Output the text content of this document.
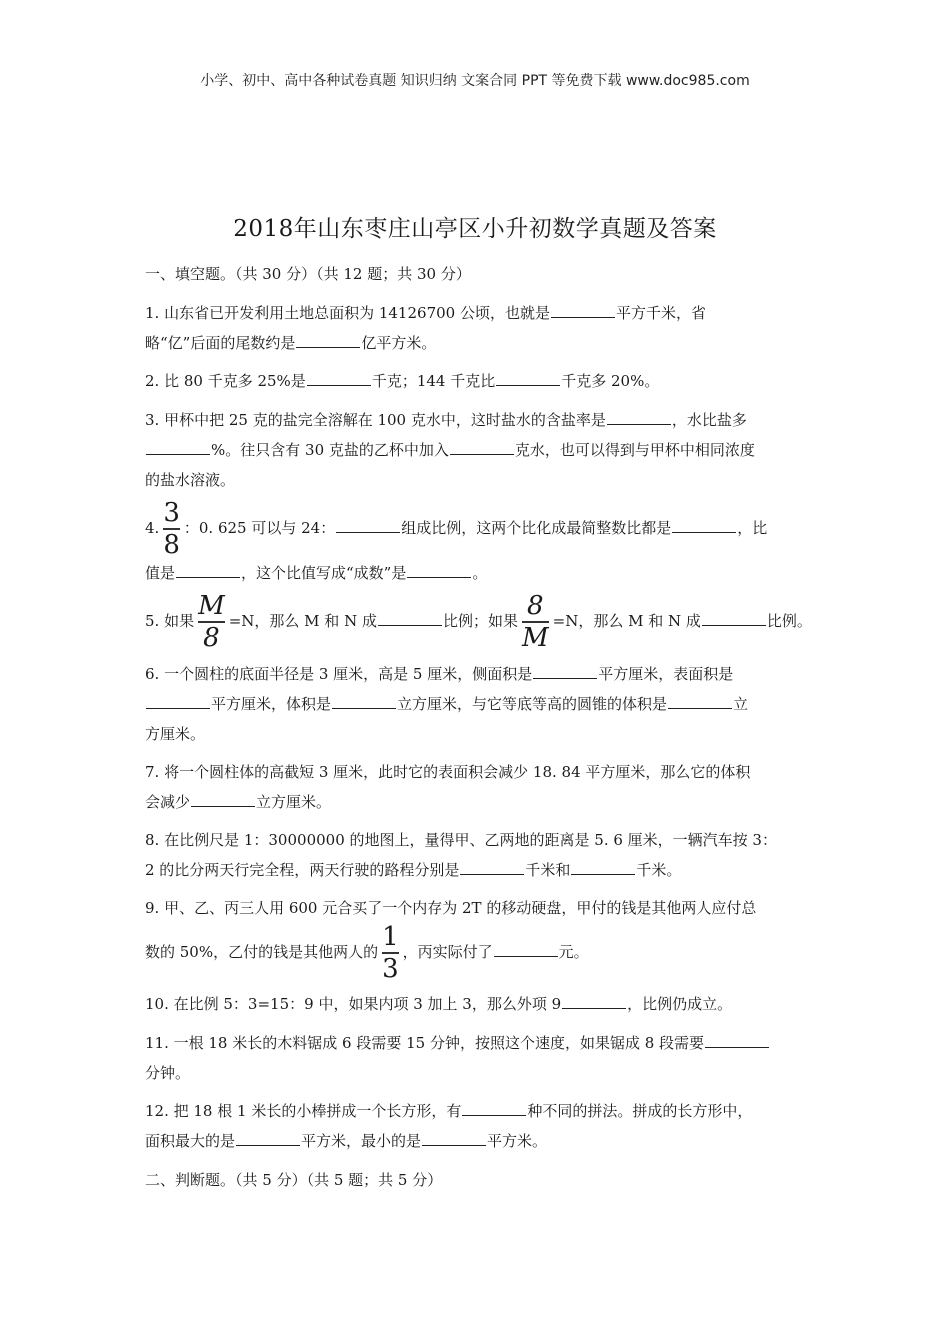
小学、初中、高中各种试卷真题 知识归纳 文案合同 PPT 等免费下载 www.doc985.com
2018年山东枣庄山亭区小升初数学真题及答案
一、填空题。（共 30 分）（共 12 题；共 30 分）
1. 山东省已开发利用土地总面积为 14126700 公顷，也就是	平方千米，省
略“亿”后面的尾数约是	亿平方米。
2. 比 80 千克多 25%是	千克；144 千克比	千克多 20%。
3. 甲杯中把 25 克的盐完全溶解在 100 克水中，这时盐水的含盐率是	，水比盐多
%。往只含有 30 克盐的乙杯中加入	克水，也可以得到与甲杯中相同浓度
的盐水溶液。
4. $\frac{3}{8}$ ：0. 625 可以与 24：	组成比例，这两个比化成最简整数比都是	，比
值是	，这个比值写成“成数”是	。
5. 如果 $\frac{M}{8} =N$，那么 M 和 N 成	比例；如果 $\frac{8}{M} =N$，那么 M 和 N 成	比例。
6. 一个圆柱的底面半径是 3 厘米，高是 5 厘米，侧面积是	平方厘米，表面积是
平方厘米，体积是	立方厘米，与它等底等高的圆锥的体积是	立
方厘米。
7. 将一个圆柱体的高截短 3 厘米，此时它的表面积会减少 18. 84 平方厘米，那么它的体积
会减少	立方厘米。
8. 在比例尺是 1：30000000 的地图上，量得甲、乙两地的距离是 5. 6 厘米，一辆汽车按 3：
2 的比分两天行完全程，两天行驶的路程分别是	千米和	千米。
9. 甲、乙、丙三人用 600 元合买了一个内存为 2T 的移动硬盘，甲付的钱是其他两人应付总
数的 50%，乙付的钱是其他两人的 $\frac{1}{3}$ ，丙实际付了	元。
10. 在比例 5：3=15：9 中，如果内项 3 加上 3，那么外项 9	，比例仍成立。
11. 一根 18 米长的木料锯成 6 段需要 15 分钟，按照这个速度，如果锯成 8 段需要
分钟。
12. 把 18 根 1 米长的小棒拼成一个长方形，有	种不同的拼法。拼成的长方形中，
面积最大的是	平方米，最小的是	平方米。
二、判断题。（共 5 分）（共 5 题；共 5 分）
